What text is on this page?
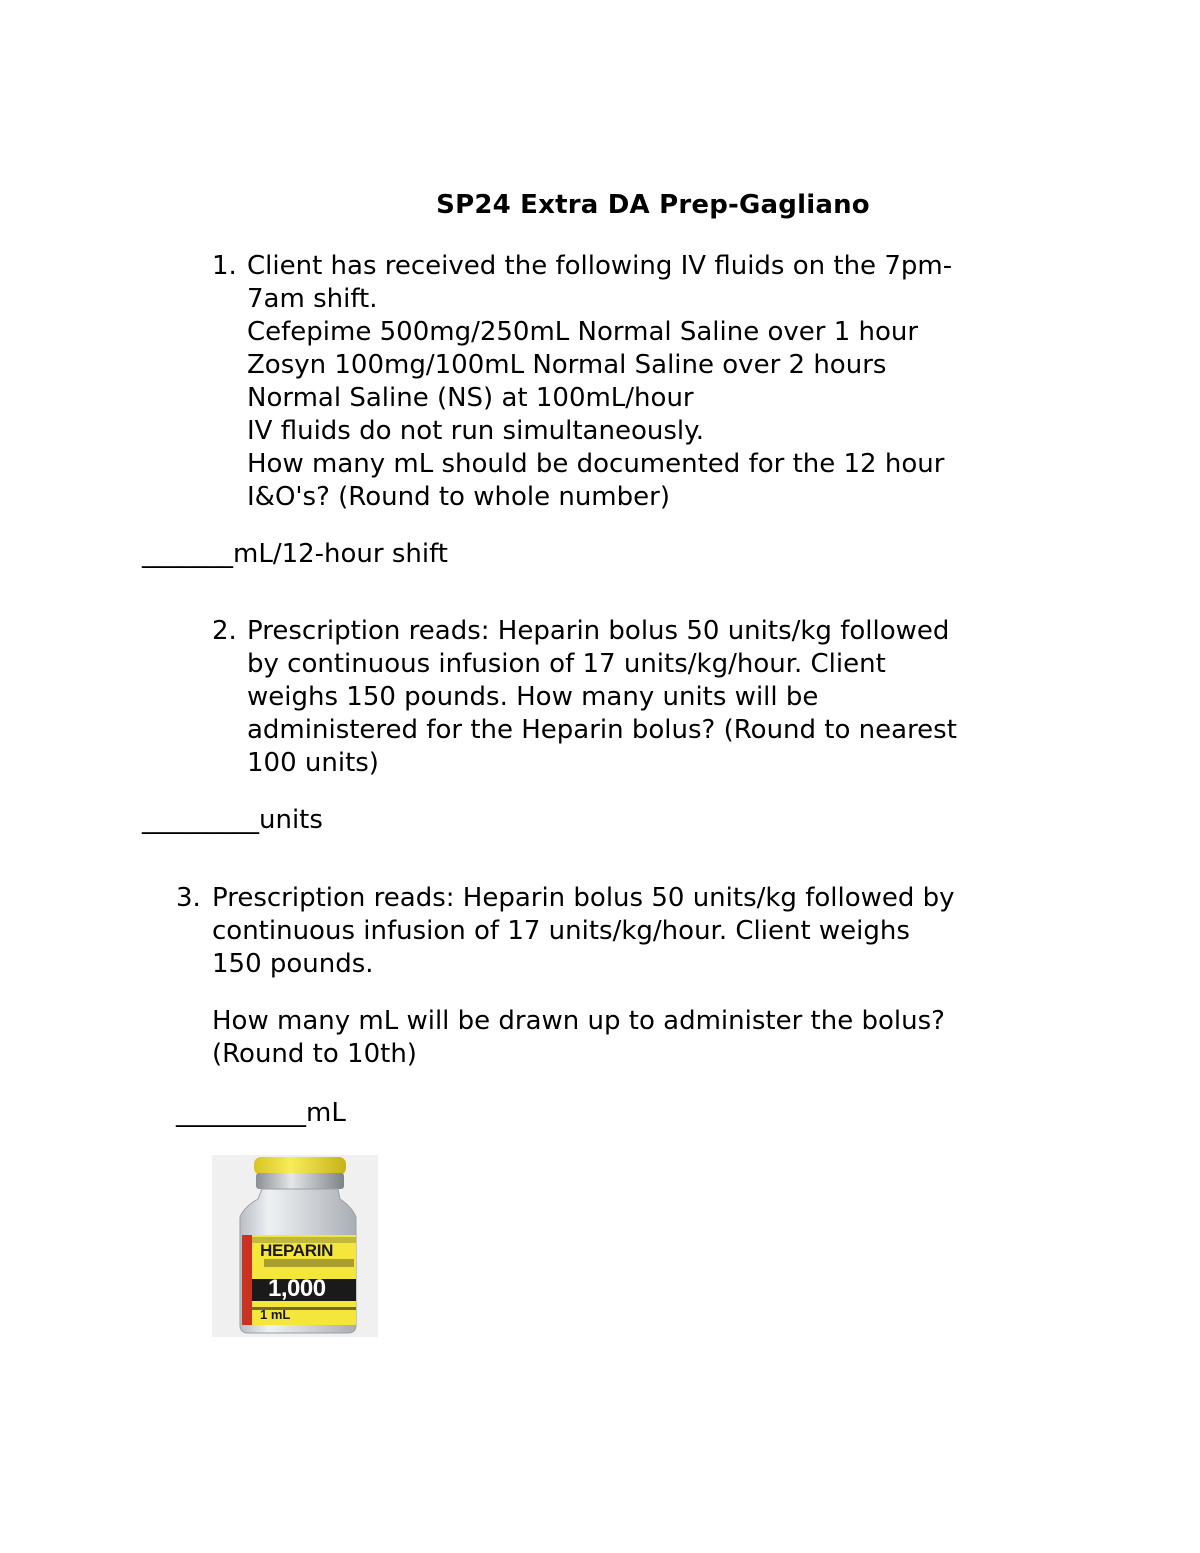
SP24 Extra DA Prep-Gagliano
1. Client has received the following IV fluids on the 7pm-
7am shift.
Cefepime 500mg/250mL Normal Saline over 1 hour
Zosyn 100mg/100mL Normal Saline over 2 hours
Normal Saline (NS) at 100mL/hour
IV fluids do not run simultaneously.
How many mL should be documented for the 12 hour
I&O's? (Round to whole number)
_______mL/12-hour shift
2. Prescription reads: Heparin bolus 50 units/kg followed
by continuous infusion of 17 units/kg/hour. Client
weighs 150 pounds. How many units will be
administered for the Heparin bolus? (Round to nearest
100 units)
_________units
3. Prescription reads: Heparin bolus 50 units/kg followed by
continuous infusion of 17 units/kg/hour. Client weighs
150 pounds.
How many mL will be drawn up to administer the bolus?
(Round to 10th)
__________mL
HEPARIN
1,000
1 mL
